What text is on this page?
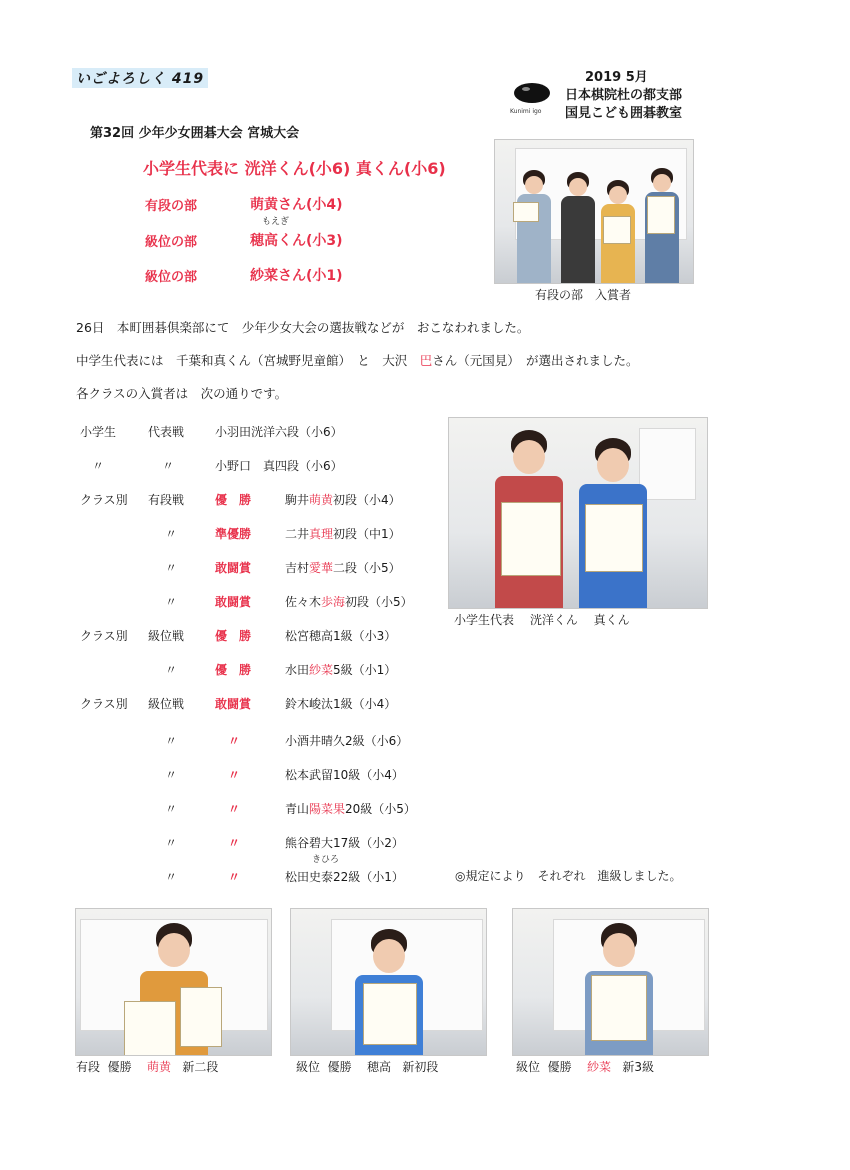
いごよろしく 419	2019 5月
Kunimi igo
日本棋院杜の都支部
国見こども囲碁教室
第32回 少年少女囲碁大会 宮城大会
小学生代表に 洸洋くん(小6) 真くん(小6)
有段の部	萌黄さん(小4)
もえぎ
級位の部	穂高くん(小3)
級位の部	紗菜さん(小1)
有段の部　入賞者
26日　本町囲碁倶楽部にて　少年少女大会の選抜戦などが　おこなわれました。
中学生代表には　千葉和真くん（宮城野児童館）　と　大沢　巴さん（元国見）　が選出されました。
各クラスの入賞者は　次の通りです。
小学生代表　 洸洋くん　 真くん
小学生	代表戦	小羽田洸洋六段（小6）
〃	〃	小野口　真四段（小6）
クラス別 有段戦	優　勝	駒井萌黄初段（小4）
〃	準優勝	二井真理初段（中1）
〃	敢闘賞	吉村愛華二段（小5）
〃	敢闘賞	佐々木歩海初段（小5）
クラス別 級位戦	優　勝	松宮穂高1級（小3）
〃	優　勝	水田紗菜5級（小1）
クラス別 級位戦	敢闘賞	鈴木峻汰1級（小4）
〃	〃	小酒井晴久2級（小6）
〃	〃	松本武留10級（小4）
〃	〃	青山陽菜果20級（小5）
〃	〃	熊谷碧大17級（小2）
〃	〃	松田史泰22級（小1）
きひろ
◎規定により　それぞれ　進級しました。
有段 優勝 萌黄 新二段	級位 優勝 穂高 新初段	級位 優勝 紗菜 新3級
